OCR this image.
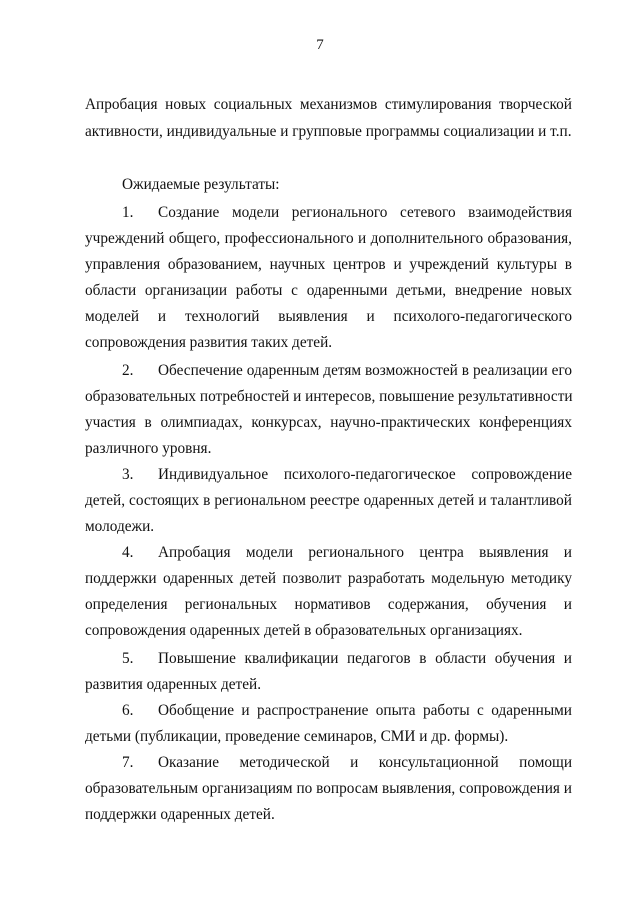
7
Апробация новых социальных механизмов стимулирования творческой
активности, индивидуальные и групповые программы социализации и т.п.
Ожидаемые результаты:
1.	Создание модели регионального сетевого взаимодействия
учреждений общего, профессионального и дополнительного образования,
управления образованием, научных центров и учреждений культуры в
области организации работы с одаренными детьми, внедрение новых
моделей и технологий выявления и психолого-педагогического
сопровождения развития таких детей.
2.	Обеспечение одаренным детям возможностей в реализации его
образовательных потребностей и интересов, повышение результативности
участия в олимпиадах, конкурсах, научно-практических конференциях
различного уровня.
3.	Индивидуальное психолого-педагогическое сопровождение
детей, состоящих в региональном реестре одаренных детей и талантливой
молодежи.
4.	Апробация модели регионального центра выявления и
поддержки одаренных детей позволит разработать модельную методику
определения региональных нормативов содержания, обучения и
сопровождения одаренных детей в образовательных организациях.
5.	Повышение квалификации педагогов в области обучения и
развития одаренных детей.
6.	Обобщение и распространение опыта работы с одаренными
детьми (публикации, проведение семинаров, СМИ и др. формы).
7.	Оказание методической и консультационной помощи
образовательным организациям по вопросам выявления, сопровождения и
поддержки одаренных детей.
